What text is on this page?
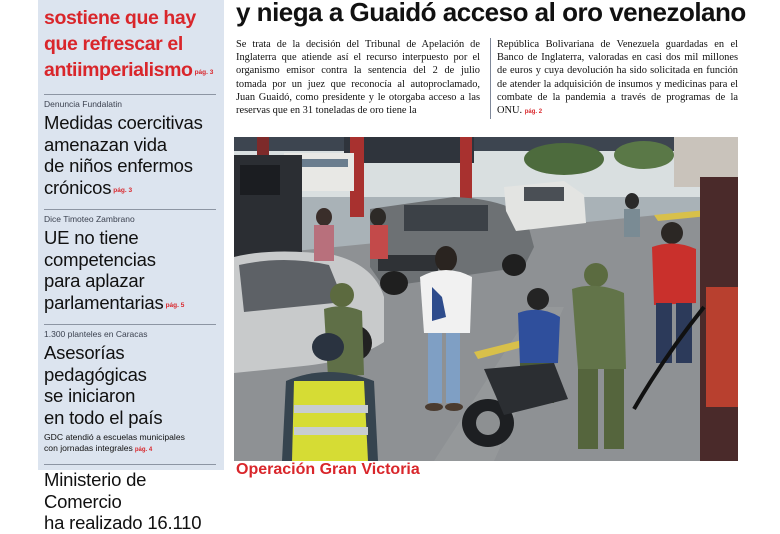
sostiene que hay
que refrescar el
antiimperialismo pág. 3
Denuncia Fundalatin
Medidas coercitivas
amenazan vida
de niños enfermos
crónicos pág. 3
Dice Timoteo Zambrano
UE no tiene
competencias
para aplazar
parlamentarias pág. 5
1.300 planteles en Caracas
Asesorías pedagógicas
se iniciaron
en todo el país
GDC atendió a escuelas municipales
con jornadas integrales pág. 4
Ministerio de Comercio
ha realizado 16.110
y niega a Guaidó acceso al oro venezolano
Se trata de la decisión del Tribunal de Apelación de Inglaterra que atiende así el recurso interpuesto por el organismo emisor contra la sentencia del 2 de julio tomada por un juez que reconocía al autoproclamado, Juan Guaidó, como presidente y le otorgaba acceso a las reservas que en 31 toneladas de oro tiene la
República Bolivariana de Venezuela guardadas en el Banco de Inglaterra, valoradas en casi dos mil millones de euros y cuya devolución ha sido solicitada en función de atender la adquisición de insumos y medicinas para el combate de la pandemia a través de programas de la ONU. pág. 2
Operación Gran Victoria
